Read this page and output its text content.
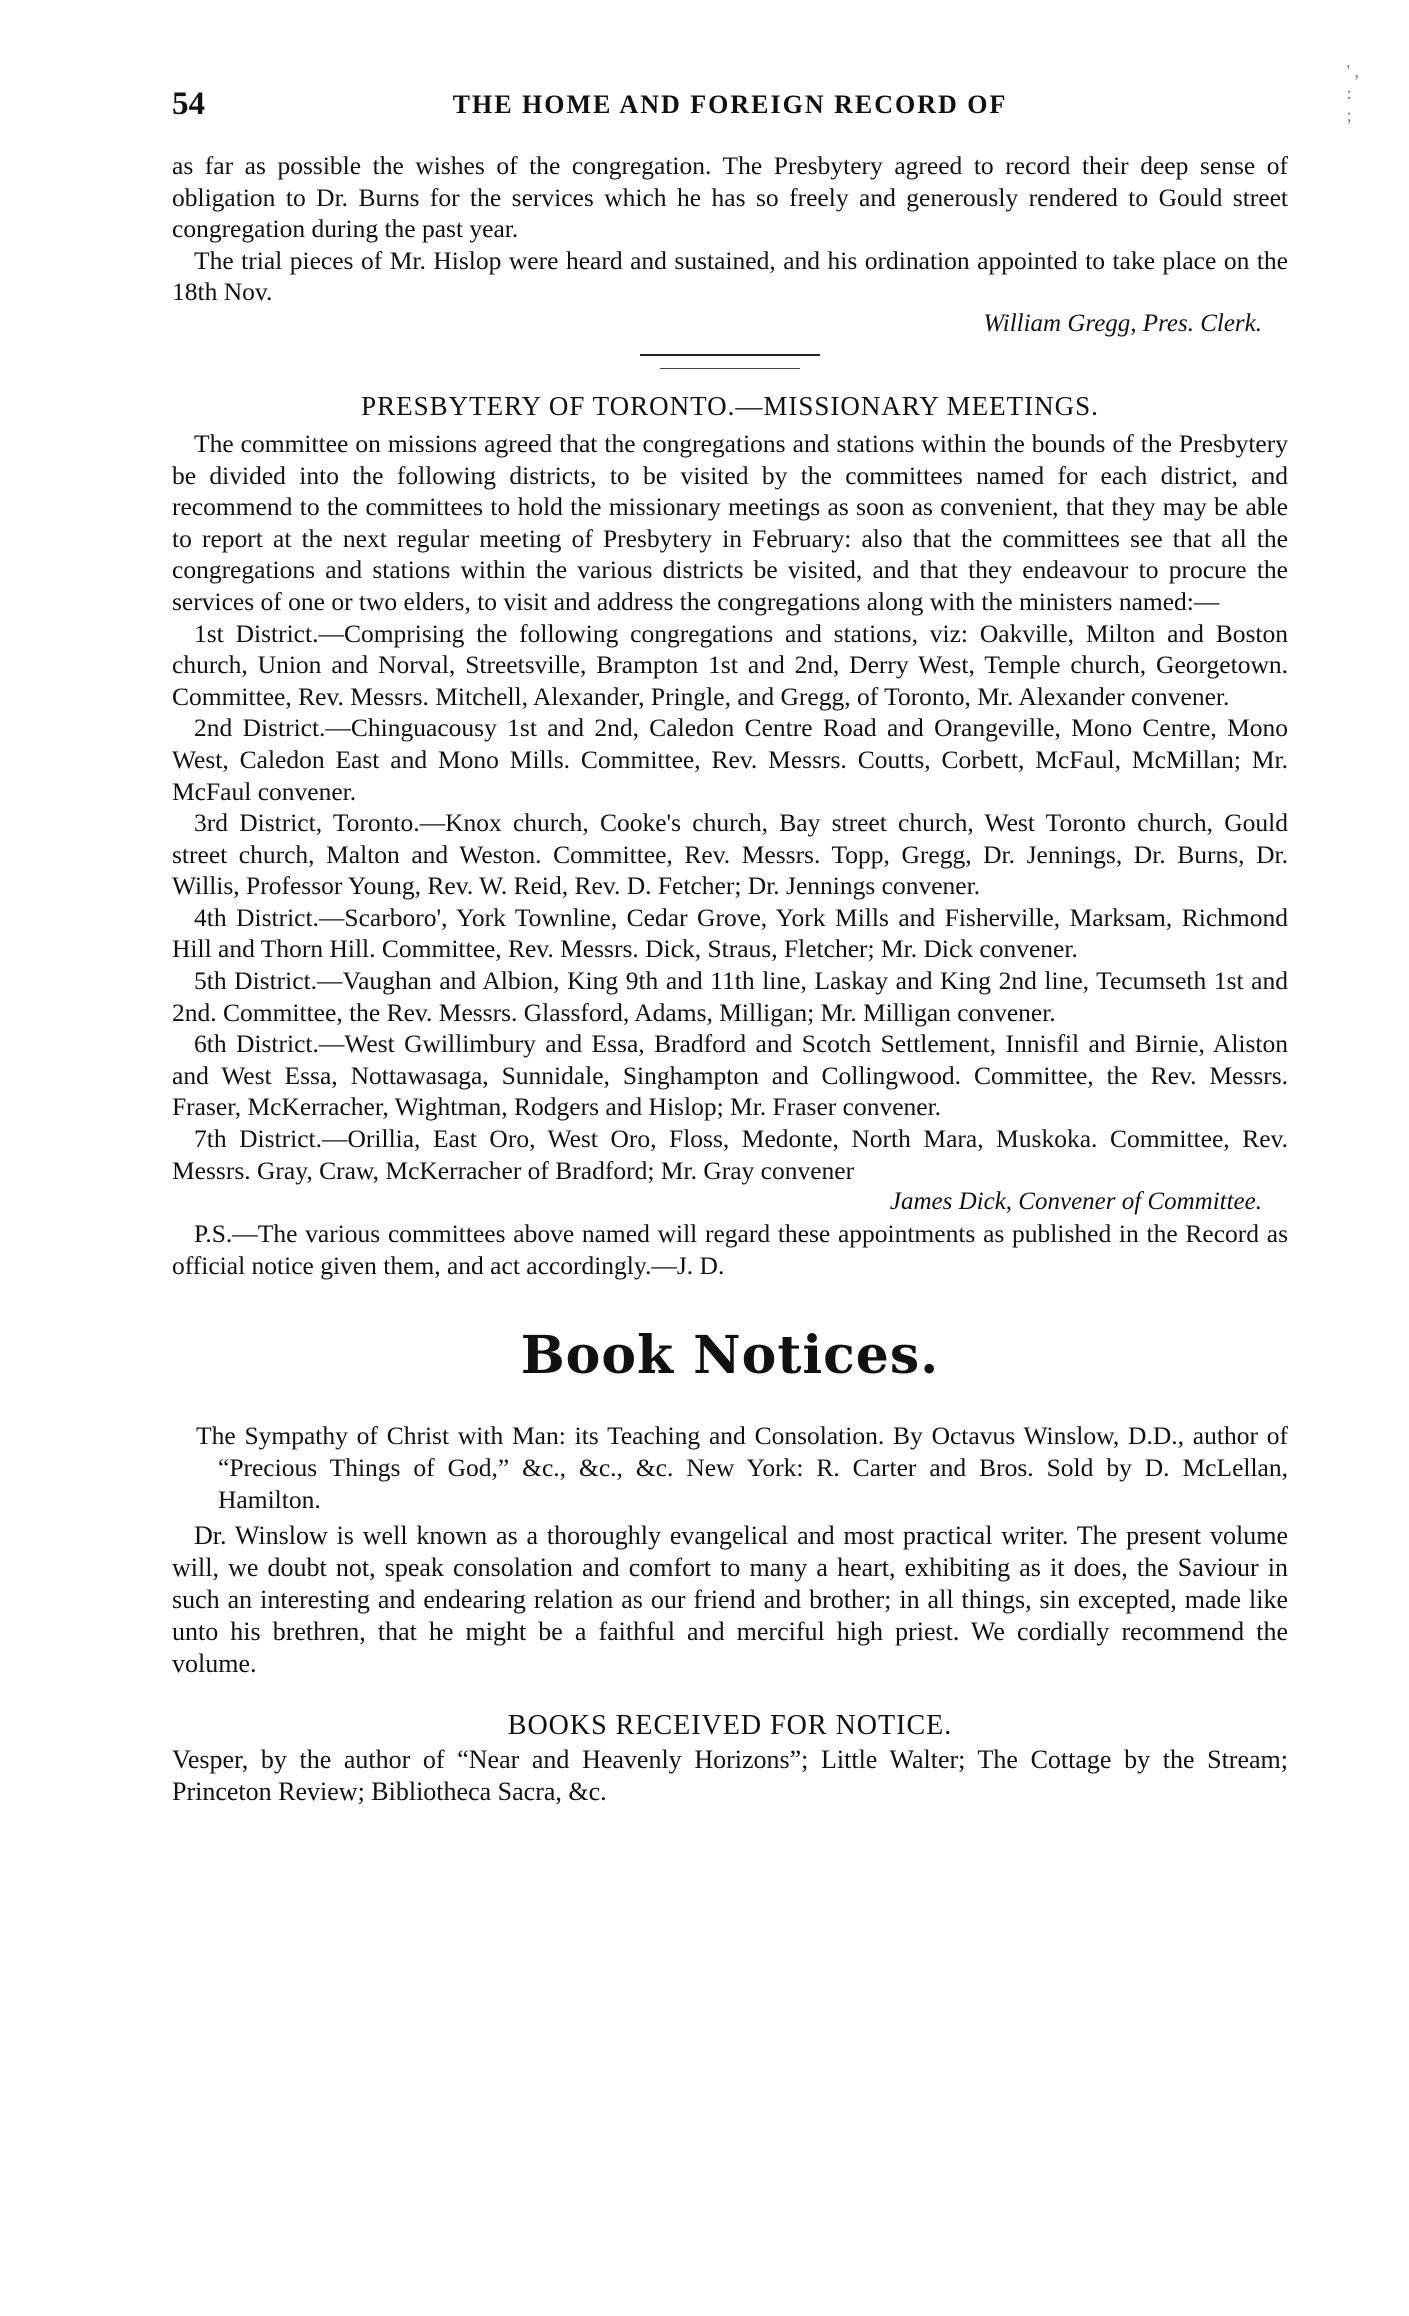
54	THE HOME AND FOREIGN RECORD OF
' ,
:
;

as far as possible the wishes of the congregation. The Presbytery agreed to record their deep sense of obligation to Dr. Burns for the services which he has so freely and generously rendered to Gould street congregation during the past year.

The trial pieces of Mr. Hislop were heard and sustained, and his ordination appointed to take place on the 18th Nov.

William Gregg, Pres. Clerk.
PRESBYTERY OF TORONTO.—MISSIONARY MEETINGS.

The committee on missions agreed that the congregations and stations within the bounds of the Presbytery be divided into the following districts, to be visited by the committees named for each district, and recommend to the committees to hold the missionary meetings as soon as convenient, that they may be able to report at the next regular meeting of Presbytery in February: also that the committees see that all the congregations and stations within the various districts be visited, and that they endeavour to procure the services of one or two elders, to visit and address the congregations along with the ministers named:—

1st District.—Comprising the following congregations and stations, viz: Oakville, Milton and Boston church, Union and Norval, Streetsville, Brampton 1st and 2nd, Derry West, Temple church, Georgetown. Committee, Rev. Messrs. Mitchell, Alexander, Pringle, and Gregg, of Toronto, Mr. Alexander convener.

2nd District.—Chinguacousy 1st and 2nd, Caledon Centre Road and Orangeville, Mono Centre, Mono West, Caledon East and Mono Mills. Committee, Rev. Messrs. Coutts, Corbett, McFaul, McMillan; Mr. McFaul convener.

3rd District, Toronto.—Knox church, Cooke's church, Bay street church, West Toronto church, Gould street church, Malton and Weston. Committee, Rev. Messrs. Topp, Gregg, Dr. Jennings, Dr. Burns, Dr. Willis, Professor Young, Rev. W. Reid, Rev. D. Fetcher; Dr. Jennings convener.

4th District.—Scarboro', York Townline, Cedar Grove, York Mills and Fisherville, Marksam, Richmond Hill and Thorn Hill. Committee, Rev. Messrs. Dick, Straus, Fletcher; Mr. Dick convener.

5th District.—Vaughan and Albion, King 9th and 11th line, Laskay and King 2nd line, Tecumseth 1st and 2nd. Committee, the Rev. Messrs. Glassford, Adams, Milligan; Mr. Milligan convener.

6th District.—West Gwillimbury and Essa, Bradford and Scotch Settlement, Innisfil and Birnie, Aliston and West Essa, Nottawasaga, Sunnidale, Singhampton and Collingwood. Committee, the Rev. Messrs. Fraser, McKerracher, Wightman, Rodgers and Hislop; Mr. Fraser convener.

7th District.—Orillia, East Oro, West Oro, Floss, Medonte, North Mara, Muskoka. Committee, Rev. Messrs. Gray, Craw, McKerracher of Bradford; Mr. Gray convener

James Dick, Convener of Committee.

P.S.—The various committees above named will regard these appointments as published in the Record as official notice given them, and act accordingly.—J. D.

Book Notices.

The Sympathy of Christ with Man: its Teaching and Consolation. By Octavus Winslow, D.D., author of “Precious Things of God,” &c., &c., &c. New York: R. Carter and Bros. Sold by D. McLellan, Hamilton.

Dr. Winslow is well known as a thoroughly evangelical and most practical writer. The present volume will, we doubt not, speak consolation and comfort to many a heart, exhibiting as it does, the Saviour in such an interesting and endearing relation as our friend and brother; in all things, sin excepted, made like unto his brethren, that he might be a faithful and merciful high priest. We cordially recommend the volume.

BOOKS RECEIVED FOR NOTICE.

Vesper, by the author of “Near and Heavenly Horizons”; Little Walter; The Cottage by the Stream; Princeton Review; Bibliotheca Sacra, &c.
